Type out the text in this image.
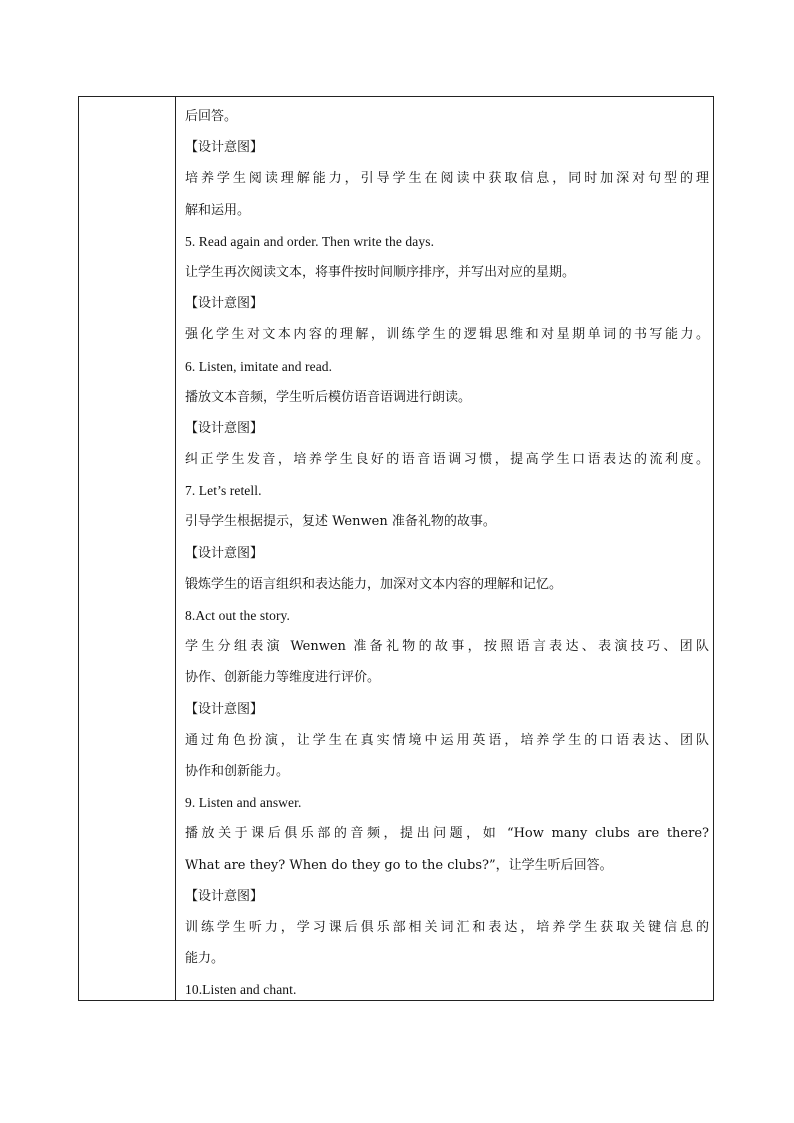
后回答。
【设计意图】
培养学生阅读理解能力，引导学生在阅读中获取信息，同时加深对句型的理
解和运用。
5. Read again and order. Then write the days.
让学生再次阅读文本，将事件按时间顺序排序，并写出对应的星期。
【设计意图】
强化学生对文本内容的理解，训练学生的逻辑思维和对星期单词的书写能力。
6. Listen, imitate and read.
播放文本音频，学生听后模仿语音语调进行朗读。
【设计意图】
纠正学生发音，培养学生良好的语音语调习惯，提高学生口语表达的流利度。
7. Let’s retell.
引导学生根据提示，复述 Wenwen 准备礼物的故事。
【设计意图】
锻炼学生的语言组织和表达能力，加深对文本内容的理解和记忆。
8.Act out the story.
学生分组表演 Wenwen 准备礼物的故事，按照语言表达、表演技巧、团队
协作、创新能力等维度进行评价。
【设计意图】
通过角色扮演，让学生在真实情境中运用英语，培养学生的口语表达、团队
协作和创新能力。
9. Listen and answer.
播放关于课后俱乐部的音频，提出问题，如 “How many clubs are there?
What are they? When do they go to the clubs?”，让学生听后回答。
【设计意图】
训练学生听力，学习课后俱乐部相关词汇和表达，培养学生获取关键信息的
能力。
10.Listen and chant.
